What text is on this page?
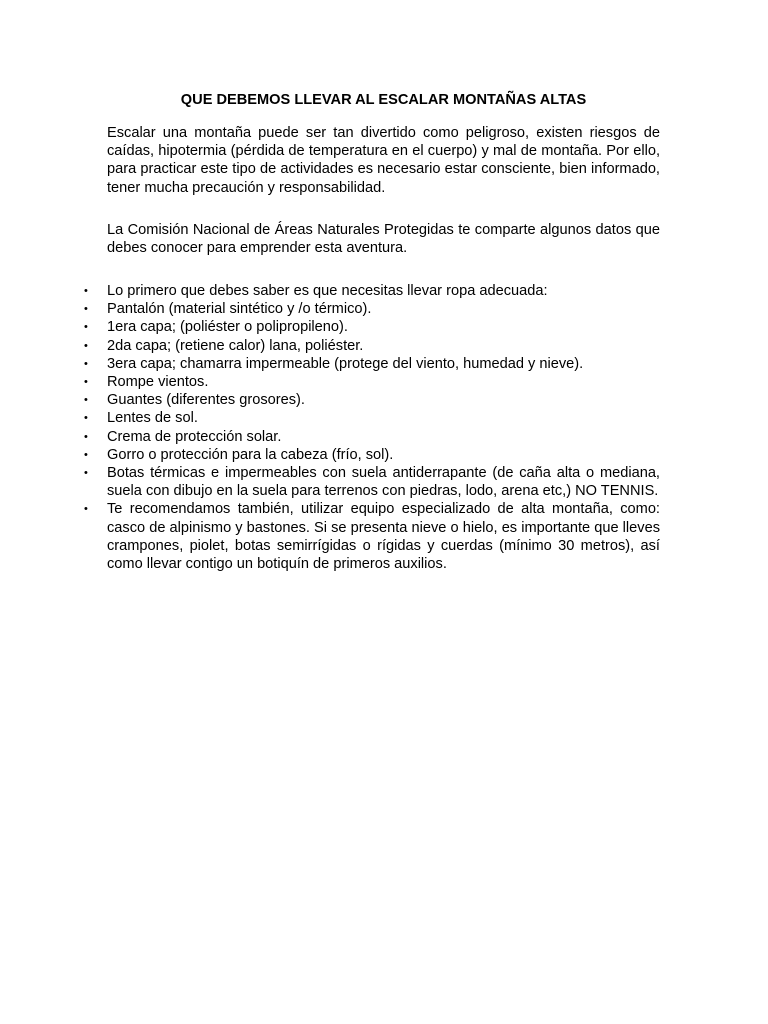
QUE DEBEMOS LLEVAR AL ESCALAR MONTAÑAS ALTAS

Escalar una montaña puede ser tan divertido como peligroso, existen riesgos de caídas, hipotermia (pérdida de temperatura en el cuerpo) y mal de montaña. Por ello, para practicar este tipo de actividades es necesario estar consciente, bien informado, tener mucha precaución y responsabilidad.

La Comisión Nacional de Áreas Naturales Protegidas te comparte algunos datos que debes conocer para emprender esta aventura.

•	Lo primero que debes saber es que necesitas llevar ropa adecuada:
•	Pantalón (material sintético y /o térmico).
•	1era capa; (poliéster o polipropileno).
•	2da capa; (retiene calor) lana, poliéster.
•	3era capa; chamarra impermeable (protege del viento, humedad y nieve).
•	Rompe vientos.
•	Guantes (diferentes grosores).
•	Lentes de sol.
•	Crema de protección solar.
•	Gorro o protección para la cabeza (frío, sol).
•	Botas térmicas e impermeables con suela antiderrapante (de caña alta o mediana, suela con dibujo en la suela para terrenos con piedras, lodo, arena etc,) NO TENNIS.
•	Te recomendamos también, utilizar equipo especializado de alta montaña, como: casco de alpinismo y bastones. Si se presenta nieve o hielo, es importante que lleves crampones, piolet, botas semirrígidas o rígidas y cuerdas (mínimo 30 metros), así como llevar contigo un botiquín de primeros auxilios.
